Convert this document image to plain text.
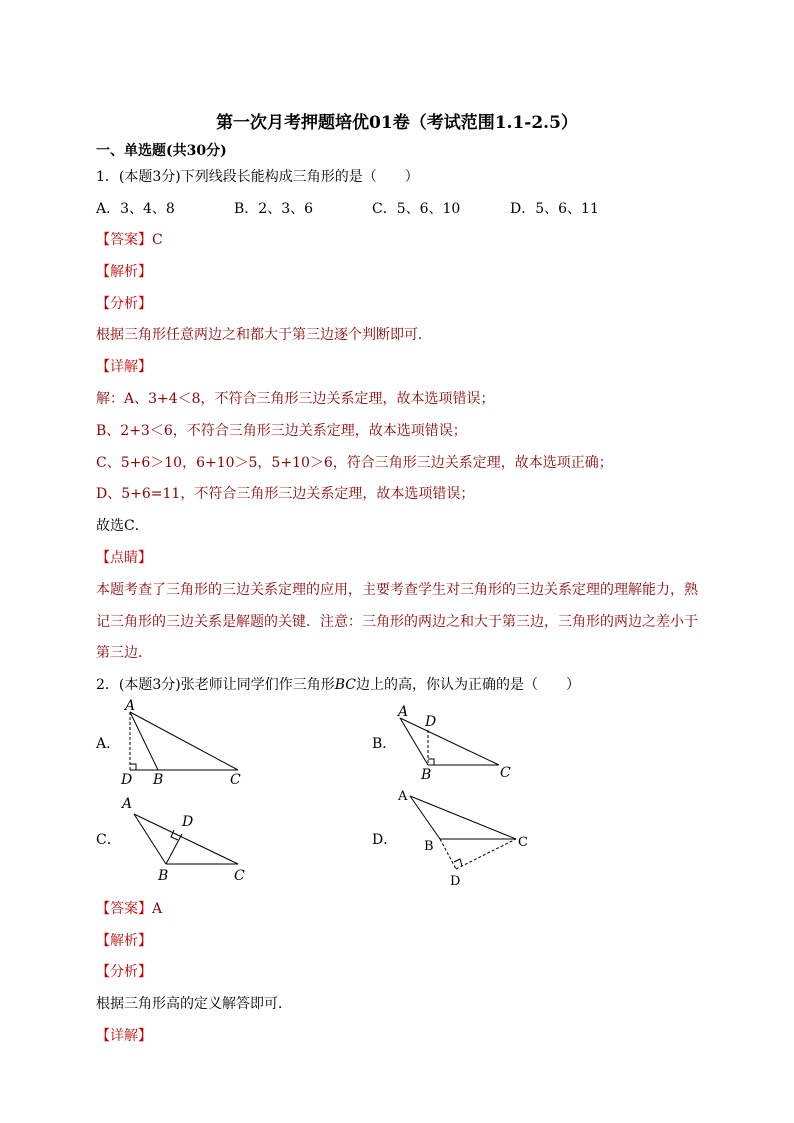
第一次月考押题培优01卷（考试范围1.1-2.5）
一、单选题(共30分)
1．(本题3分)下列线段长能构成三角形的是（　　）
A．3、4、8	B．2、3、6	C．5、6、10	D．5、6、11
【答案】C
【解析】
【分析】
根据三角形任意两边之和都大于第三边逐个判断即可．
【详解】
解：A、3+4＜8，不符合三角形三边关系定理，故本选项错误；
B、2+3＜6，不符合三角形三边关系定理，故本选项错误；
C、5+6＞10，6+10＞5，5+10＞6，符合三角形三边关系定理，故本选项正确；
D、5+6=11，不符合三角形三边关系定理，故本选项错误；
故选C．
【点睛】
本题考查了三角形的三边关系定理的应用，主要考查学生对三角形的三边关系定理的理解能力，熟
记三角形的三边关系是解题的关键．注意：三角形的两边之和大于第三边，三角形的两边之差小于
第三边．
2．(本题3分)张老师让同学们作三角形BC边上的高，你认为正确的是（　　）
A．	B．
C．	D．
A
D B	C
A
D
B	C
A
D
B	C
A
B	C
D
【答案】A
【解析】
【分析】
根据三角形高的定义解答即可．
【详解】
